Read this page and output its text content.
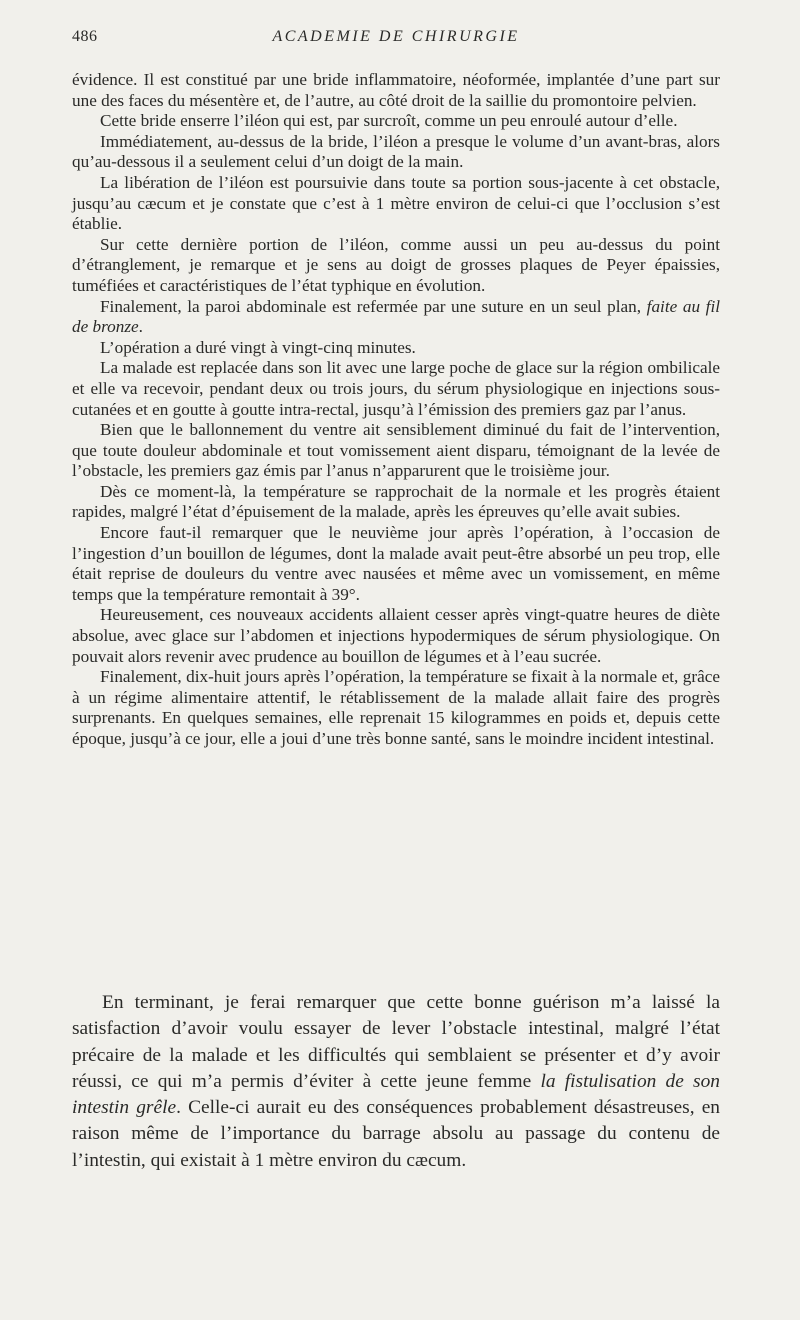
486	ACADEMIE DE CHIRURGIE

évidence. Il est constitué par une bride inflammatoire, néoformée, implantée d’une part sur une des faces du mésentère et, de l’autre, au côté droit de la saillie du promontoire pelvien.

Cette bride enserre l’iléon qui est, par surcroît, comme un peu enroulé autour d’elle.

Immédiatement, au-dessus de la bride, l’iléon a presque le volume d’un avant-bras, alors qu’au-dessous il a seulement celui d’un doigt de la main.

La libération de l’iléon est poursuivie dans toute sa portion sous-jacente à cet obstacle, jusqu’au cæcum et je constate que c’est à 1 mètre environ de celui-ci que l’occlusion s’est établie.

Sur cette dernière portion de l’iléon, comme aussi un peu au-dessus du point d’étranglement, je remarque et je sens au doigt de grosses plaques de Peyer épaissies, tuméfiées et caractéristiques de l’état typhique en évolution.

Finalement, la paroi abdominale est refermée par une suture en un seul plan, faite au fil de bronze.

L’opération a duré vingt à vingt-cinq minutes.

La malade est replacée dans son lit avec une large poche de glace sur la région ombilicale et elle va recevoir, pendant deux ou trois jours, du sérum physiologique en injections sous-cutanées et en goutte à goutte intra-rectal, jusqu’à l’émission des premiers gaz par l’anus.

Bien que le ballonnement du ventre ait sensiblement diminué du fait de l’intervention, que toute douleur abdominale et tout vomissement aient disparu, témoignant de la levée de l’obstacle, les premiers gaz émis par l’anus n’apparurent que le troisième jour.

Dès ce moment-là, la température se rapprochait de la normale et les progrès étaient rapides, malgré l’état d’épuisement de la malade, après les épreuves qu’elle avait subies.

Encore faut-il remarquer que le neuvième jour après l’opération, à l’occasion de l’ingestion d’un bouillon de légumes, dont la malade avait peut-être absorbé un peu trop, elle était reprise de douleurs du ventre avec nausées et même avec un vomissement, en même temps que la température remontait à 39°.

Heureusement, ces nouveaux accidents allaient cesser après vingt-quatre heures de diète absolue, avec glace sur l’abdomen et injections hypodermiques de sérum physiologique. On pouvait alors revenir avec prudence au bouillon de légumes et à l’eau sucrée.

Finalement, dix-huit jours après l’opération, la température se fixait à la normale et, grâce à un régime alimentaire attentif, le rétablissement de la malade allait faire des progrès surprenants. En quelques semaines, elle reprenait 15 kilogrammes en poids et, depuis cette époque, jusqu’à ce jour, elle a joui d’une très bonne santé, sans le moindre incident intestinal.

En terminant, je ferai remarquer que cette bonne guérison m’a laissé la satisfaction d’avoir voulu essayer de lever l’obstacle intestinal, malgré l’état précaire de la malade et les difficultés qui semblaient se présenter et d’y avoir réussi, ce qui m’a permis d’éviter à cette jeune femme la fistulisation de son intestin grêle. Celle-ci aurait eu des conséquences probablement désastreuses, en raison même de l’importance du barrage absolu au passage du contenu de l’intestin, qui existait à 1 mètre environ du cæcum.
